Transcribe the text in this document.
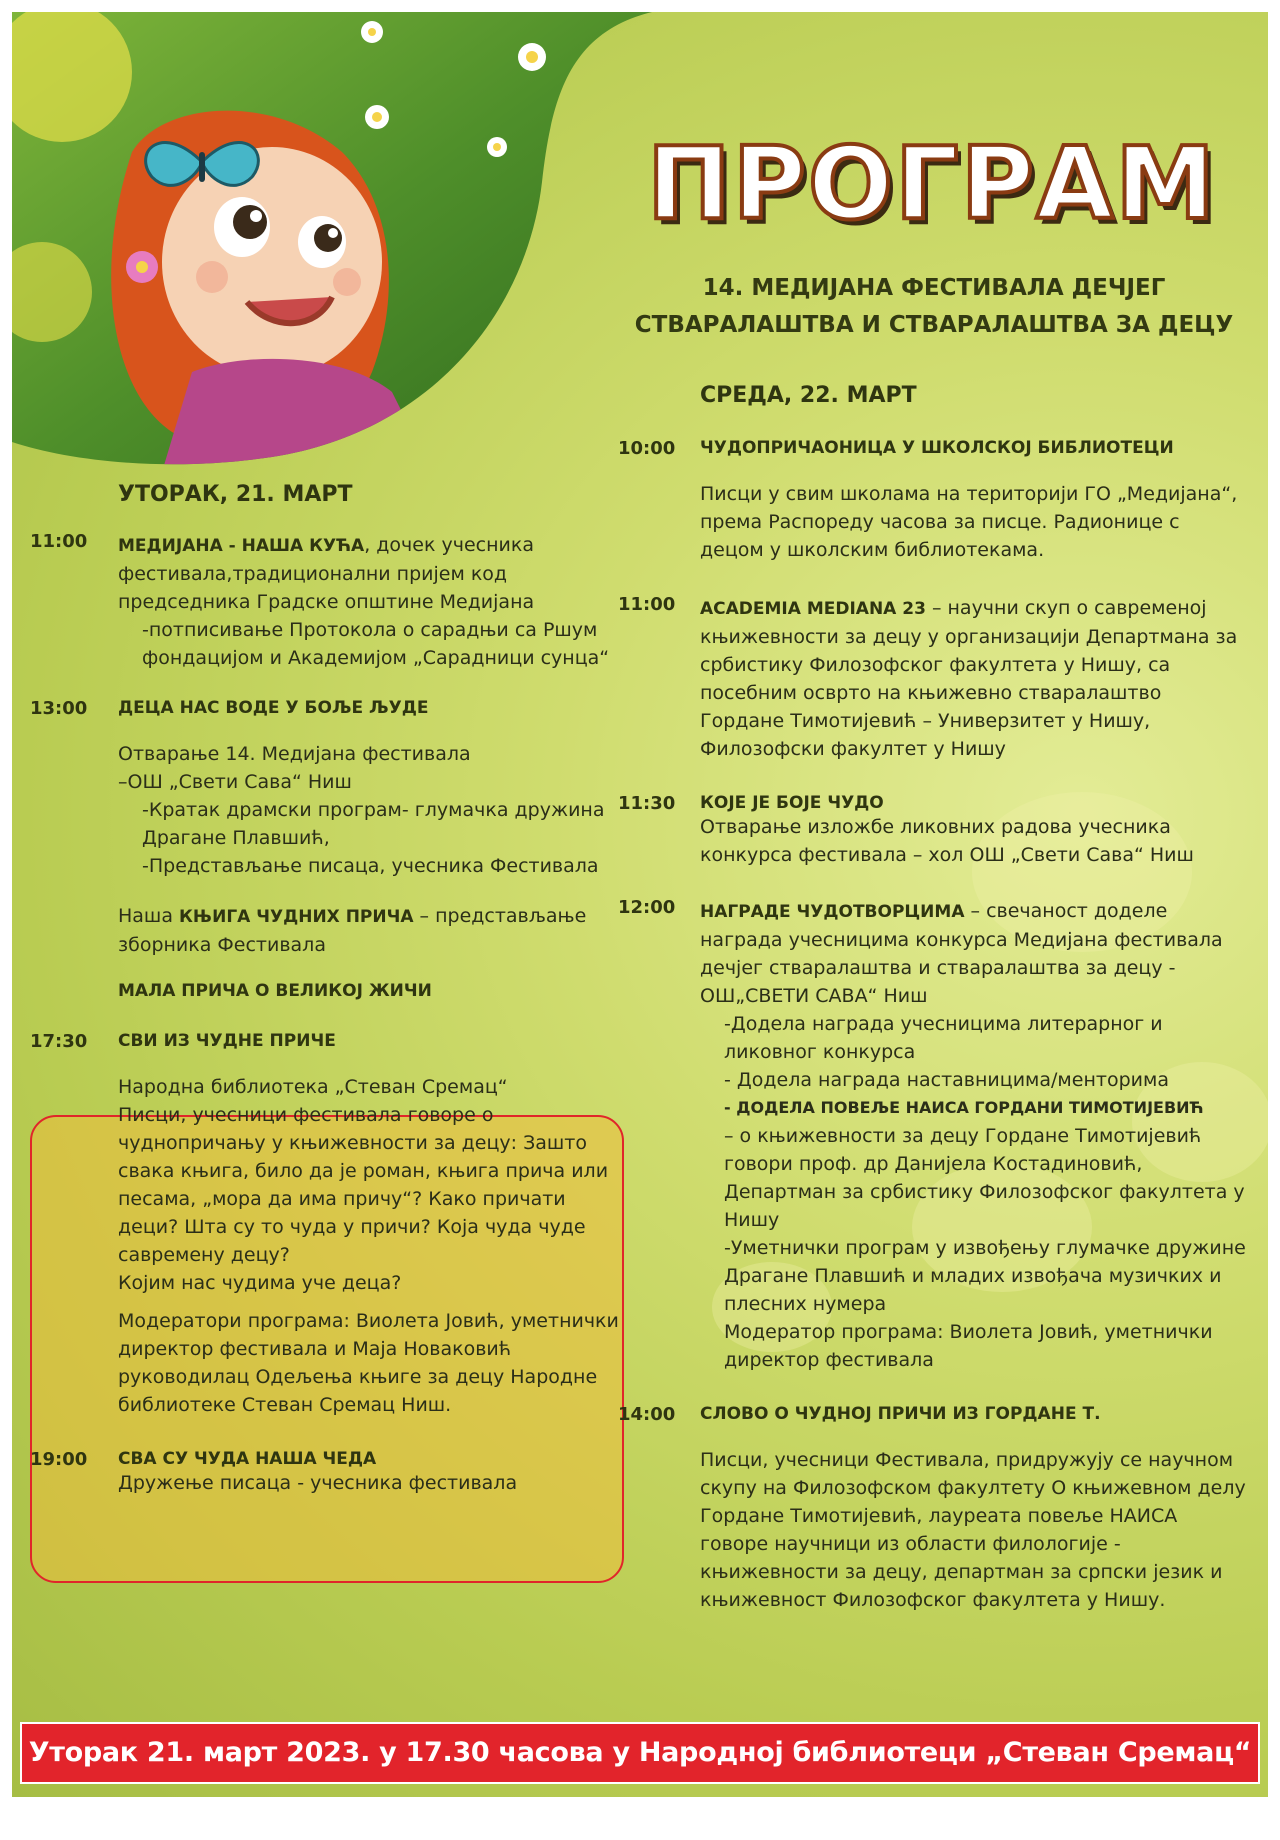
ПРОГРАМ
14. МЕДИЈАНА ФЕСТИВАЛА ДЕЧЈЕГ
СТВАРАЛАШТВА И СТВАРАЛАШТВА ЗА ДЕЦУ
УТОРАК, 21. МАРТ
11:00 МЕДИЈАНА - НАША КУЋА, дочек учесника фестивала,традиционални пријем код председника Градске општине Медијана
-потписивање Протокола о сарадњи са Ршум фондацијом и Академијом „Сарадници сунца“
13:00 ДЕЦА НАС ВОДЕ У БОЉЕ ЉУДЕ
Отварање 14. Медијана фестивала
–ОШ „Свети Сава“ Ниш
-Кратак драмски програм- глумачка дружина Драгане Плавшић,
-Представљање писаца, учесника Фестивала
Наша КЊИГА ЧУДНИХ ПРИЧА – представљање зборника Фестивала
МАЛА ПРИЧА О ВЕЛИКОЈ ЖИЧИ
17:30 СВИ ИЗ ЧУДНЕ ПРИЧЕ
Народна библиотека „Стеван Сремац“
Писци, учесници фестивала говоре о чуднопричању у књижевности за децу: Зашто свака књига, било да је роман, књига прича или песама, „мора да има причу“? Како причати деци? Шта су то чуда у причи? Која чуда чуде савремену децу?
Којим нас чудима уче деца?
Модератори програма: Виолета Јовић, уметнички директор фестивала и Маја Новаковић руководилац Одељења књиге за децу Народне библиотеке Стеван Сремац Ниш.
19:00 СВА СУ ЧУДА НАША ЧЕДА
Дружење писаца - учесника фестивала
СРЕДА, 22. МАРТ
10:00 ЧУДОПРИЧАОНИЦА У ШКОЛСКОЈ БИБЛИОТЕЦИ
Писци у свим школама на територији ГО „Медијана“, према Распореду часова за писце. Радионице с децом у школским библиотекама.
11:00 ACADEMIA MEDIANA 23 – научни скуп о савременој књижевности за децу у организацији Департмана за србистику Филозофског факултета у Нишу, са посебним осврто на књижевно стваралаштво Гордане Тимотијевић – Универзитет у Нишу, Филозофски факултет у Нишу
11:30 КОЈЕ ЈЕ БОЈЕ ЧУДО
Отварање изложбе ликовних радова учесника конкурса фестивала – хол ОШ „Свети Сава“ Ниш
12:00 НАГРАДЕ ЧУДОТВОРЦИМА – свечаност доделе награда учесницима конкурса Медијана фестивала дечјег стваралаштва и стваралаштва за децу - ОШ„СВЕТИ САВА“ Ниш
-Додела награда учесницима литерарног и ликовног конкурса
- Додела награда наставницима/менторима
- ДОДЕЛА ПОВЕЉЕ НАИСА ГОРДАНИ ТИМОТИЈЕВИЋ
– о књижевности за децу Гордане Тимотијевић говори проф. др Данијела Костадиновић, Департман за србистику Филозофског факултета у Нишу
-Уметнички програм у извођењу глумачке дружине Драгане Плавшић и младих извођача музичких и плесних нумера
Модератор програма: Виолета Јовић, уметнички директор фестивала
14:00 СЛОВО О ЧУДНОЈ ПРИЧИ ИЗ ГОРДАНЕ Т.
Писци, учесници Фестивала, придружују се научном скупу на Филозофском факултету О књижевном делу Гордане Тимотијевић, лауреата повеље НАИСА говоре научници из области филологије - књижевности за децу, департман за српски језик и књижевност Филозофског факултета у Нишу.
Уторак 21. март 2023. у 17.30 часова у Народној библиотеци „Стеван Сремац“ Ниш
